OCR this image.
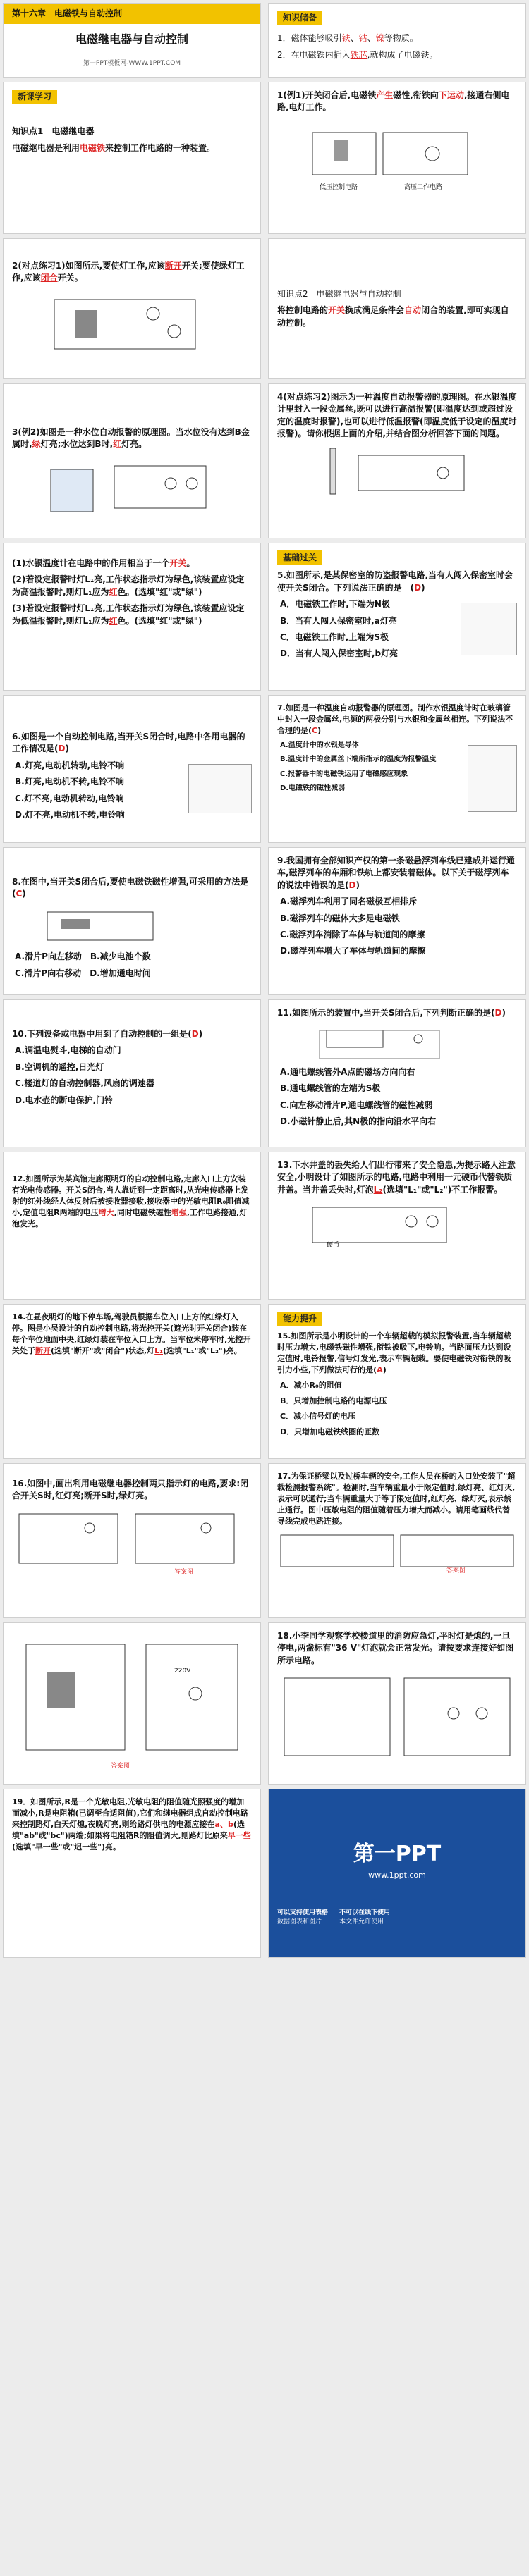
第十六章　电磁铁与自动控制
电磁继电器与自动控制
第一PPT模板网-WWW.1PPT.COM
知识储备

1．磁体能够吸引铁、钴、镍等物质。

2．在电磁铁内插入铁芯,就构成了电磁铁。

新课学习

知识点1　电磁继电器

电磁继电器是利用电磁铁来控制工作电路的一种装置。

1(例1)开关闭合后,电磁铁产生磁性,衔铁向下运动,接通右侧电路,电灯工作。

低压控制电路	高压工作电路

2(对点练习1)如图所示,要使灯工作,应该断开开关;要使绿灯工作,应该闭合开关。

知识点2　电磁继电器与自动控制

将控制电路的开关换成满足条件会自动闭合的装置,即可实现自动控制。

3(例2)如图是一种水位自动报警的原理图。当水位没有达到B金属时,绿灯亮;水位达到B时,红灯亮。

4(对点练习2)图示为一种温度自动报警器的原理图。在水银温度计里封入一段金属丝,既可以进行高温报警(即温度达到或超过设定的温度时报警),也可以进行低温报警(即温度低于设定的温度时报警)。请你根据上面的介绍,并结合图分析回答下面的问题。

(1)水银温度计在电路中的作用相当于一个开关。

(2)若设定报警时灯L₁亮,工作状态指示灯为绿色,该装置应设定为高温报警时,则灯L₁应为红色。(选填"红"或"绿")

(3)若设定报警时灯L₁亮,工作状态指示灯为绿色,该装置应设定为低温报警时,则灯L₁应为红色。(选填"红"或"绿")

基础过关

5.如图所示,是某保密室的防盗报警电路,当有人闯入保密室时会使开关S闭合。下列说法正确的是　(D)

A．电磁铁工作时,下端为N极

B．当有人闯入保密室时,a灯亮

C．电磁铁工作时,上端为S极

D．当有人闯入保密室时,b灯亮

6.如图是一个自动控制电路,当开关S闭合时,电路中各用电器的工作情况是(D)

A.灯亮,电动机转动,电铃不响

B.灯亮,电动机不转,电铃不响

C.灯不亮,电动机转动,电铃响

D.灯不亮,电动机不转,电铃响

7.如图是一种温度自动报警器的原理图。制作水银温度计时在玻璃管中封入一段金属丝,电源的两极分别与水银和金属丝相连。下列说法不合理的是(C)

A.温度计中的水银是导体

B.温度计中的金属丝下端所指示的温度为报警温度

C.报警器中的电磁铁运用了电磁感应现象

D.电磁铁的磁性减弱

8.在图中,当开关S闭合后,要使电磁铁磁性增强,可采用的方法是(C)

A.滑片P向左移动　 B.减少电池个数

C.滑片P向右移动　 D.增加通电时间

9.我国拥有全部知识产权的第一条磁悬浮列车线已建成并运行通车,磁浮列车的车厢和铁轨上都安装着磁体。以下关于磁浮列车的说法中错误的是(D)

A.磁浮列车利用了同名磁极互相排斥

B.磁浮列车的磁体大多是电磁铁

C.磁浮列车消除了车体与轨道间的摩擦

D.磁浮列车增大了车体与轨道间的摩擦

10.下列设备或电器中用到了自动控制的一组是(D)

A.调温电熨斗,电梯的自动门

B.空调机的遥控,日光灯

C.楼道灯的自动控制器,风扇的调速器

D.电水壶的断电保护,门铃

11.如图所示的装置中,当开关S闭合后,下列判断正确的是(D)

A.通电螺线管外A点的磁场方向向右

B.通电螺线管的左端为S极

C.向左移动滑片P,通电螺线管的磁性减弱

D.小磁针静止后,其N极的指向沿水平向右

12.如图所示为某宾馆走廊照明灯的自动控制电路,走廊入口上方安装有光电传感器。开关S闭合,当人靠近到一定距离时,从光电传感器上发射的红外线经人体反射后被接收器接收,接收器中的光敏电阻R₀阻值减小,定值电阻R两端的电压增大,同时电磁铁磁性增强,工作电路接通,灯泡发光。

13.下水井盖的丢失给人们出行带来了安全隐患,为提示路人注意安全,小明设计了如图所示的电路,电路中利用一元硬币代替铁质井盖。当井盖丢失时,灯泡L₂(选填"L₁"或"L₂")不工作报警。

硬币

14.在昼夜明灯的地下停车场,驾驶员根据车位入口上方的红绿灯入停。图是小吴设计的自动控制电路,将光控开关(遮光时开关闭合)装在每个车位地面中央,红绿灯装在车位入口上方。当车位未停车时,光控开关处于断开(选填"断开"或"闭合")状态,灯L₁(选填"L₁"或"L₂")亮。

能力提升

15.如图所示是小明设计的一个车辆超载的模拟报警装置,当车辆超载时压力增大,电磁铁磁性增强,衔铁被吸下,电铃响。当路面压力达到设定值时,电铃报警,信号灯发光,表示车辆超载。要使电磁铁对衔铁的吸引力小些,下列做法可行的是(A)

A．减小R₀的阻值

B．只增加控制电路的电源电压

C．减小信号灯的电压

D．只增加电磁铁线圈的匝数

16.如图中,画出利用电磁继电器控制两只指示灯的电路,要求:闭合开关S时,红灯亮;断开S时,绿灯亮。

答案图

17.为保证桥梁以及过桥车辆的安全,工作人员在桥的入口处安装了"超载检测报警系统"。检测时,当车辆重量小于限定值时,绿灯亮、红灯灭,表示可以通行;当车辆重量大于等于限定值时,红灯亮、绿灯灭,表示禁止通行。图中压敏电阻的阻值随着压力增大而减小。请用笔画线代替导线完成电路连接。

答案图
220V
答案图

18.小李同学观察学校楼道里的消防应急灯,平时灯是熄的,一旦停电,两盏标有"36 V"灯泡就会正常发光。请按要求连接好如图所示电路。

19．如图所示,R是一个光敏电阻,光敏电阻的阻值随光照强度的增加而减小,R是电阻箱(已调至合适阻值),它们和继电器组成自动控制电路来控制路灯,白天灯熄,夜晚灯亮,则给路灯供电的电源应接在a、b(选填"ab"或"bc")两端;如果将电阻箱R的阻值调大,则路灯比原来早一些(选填"早一些"或"迟一些")亮。	第一PPT
www.1ppt.com
可以支持使用表格
数据图表和图片
不可以在线下使用
本文件允许使用
